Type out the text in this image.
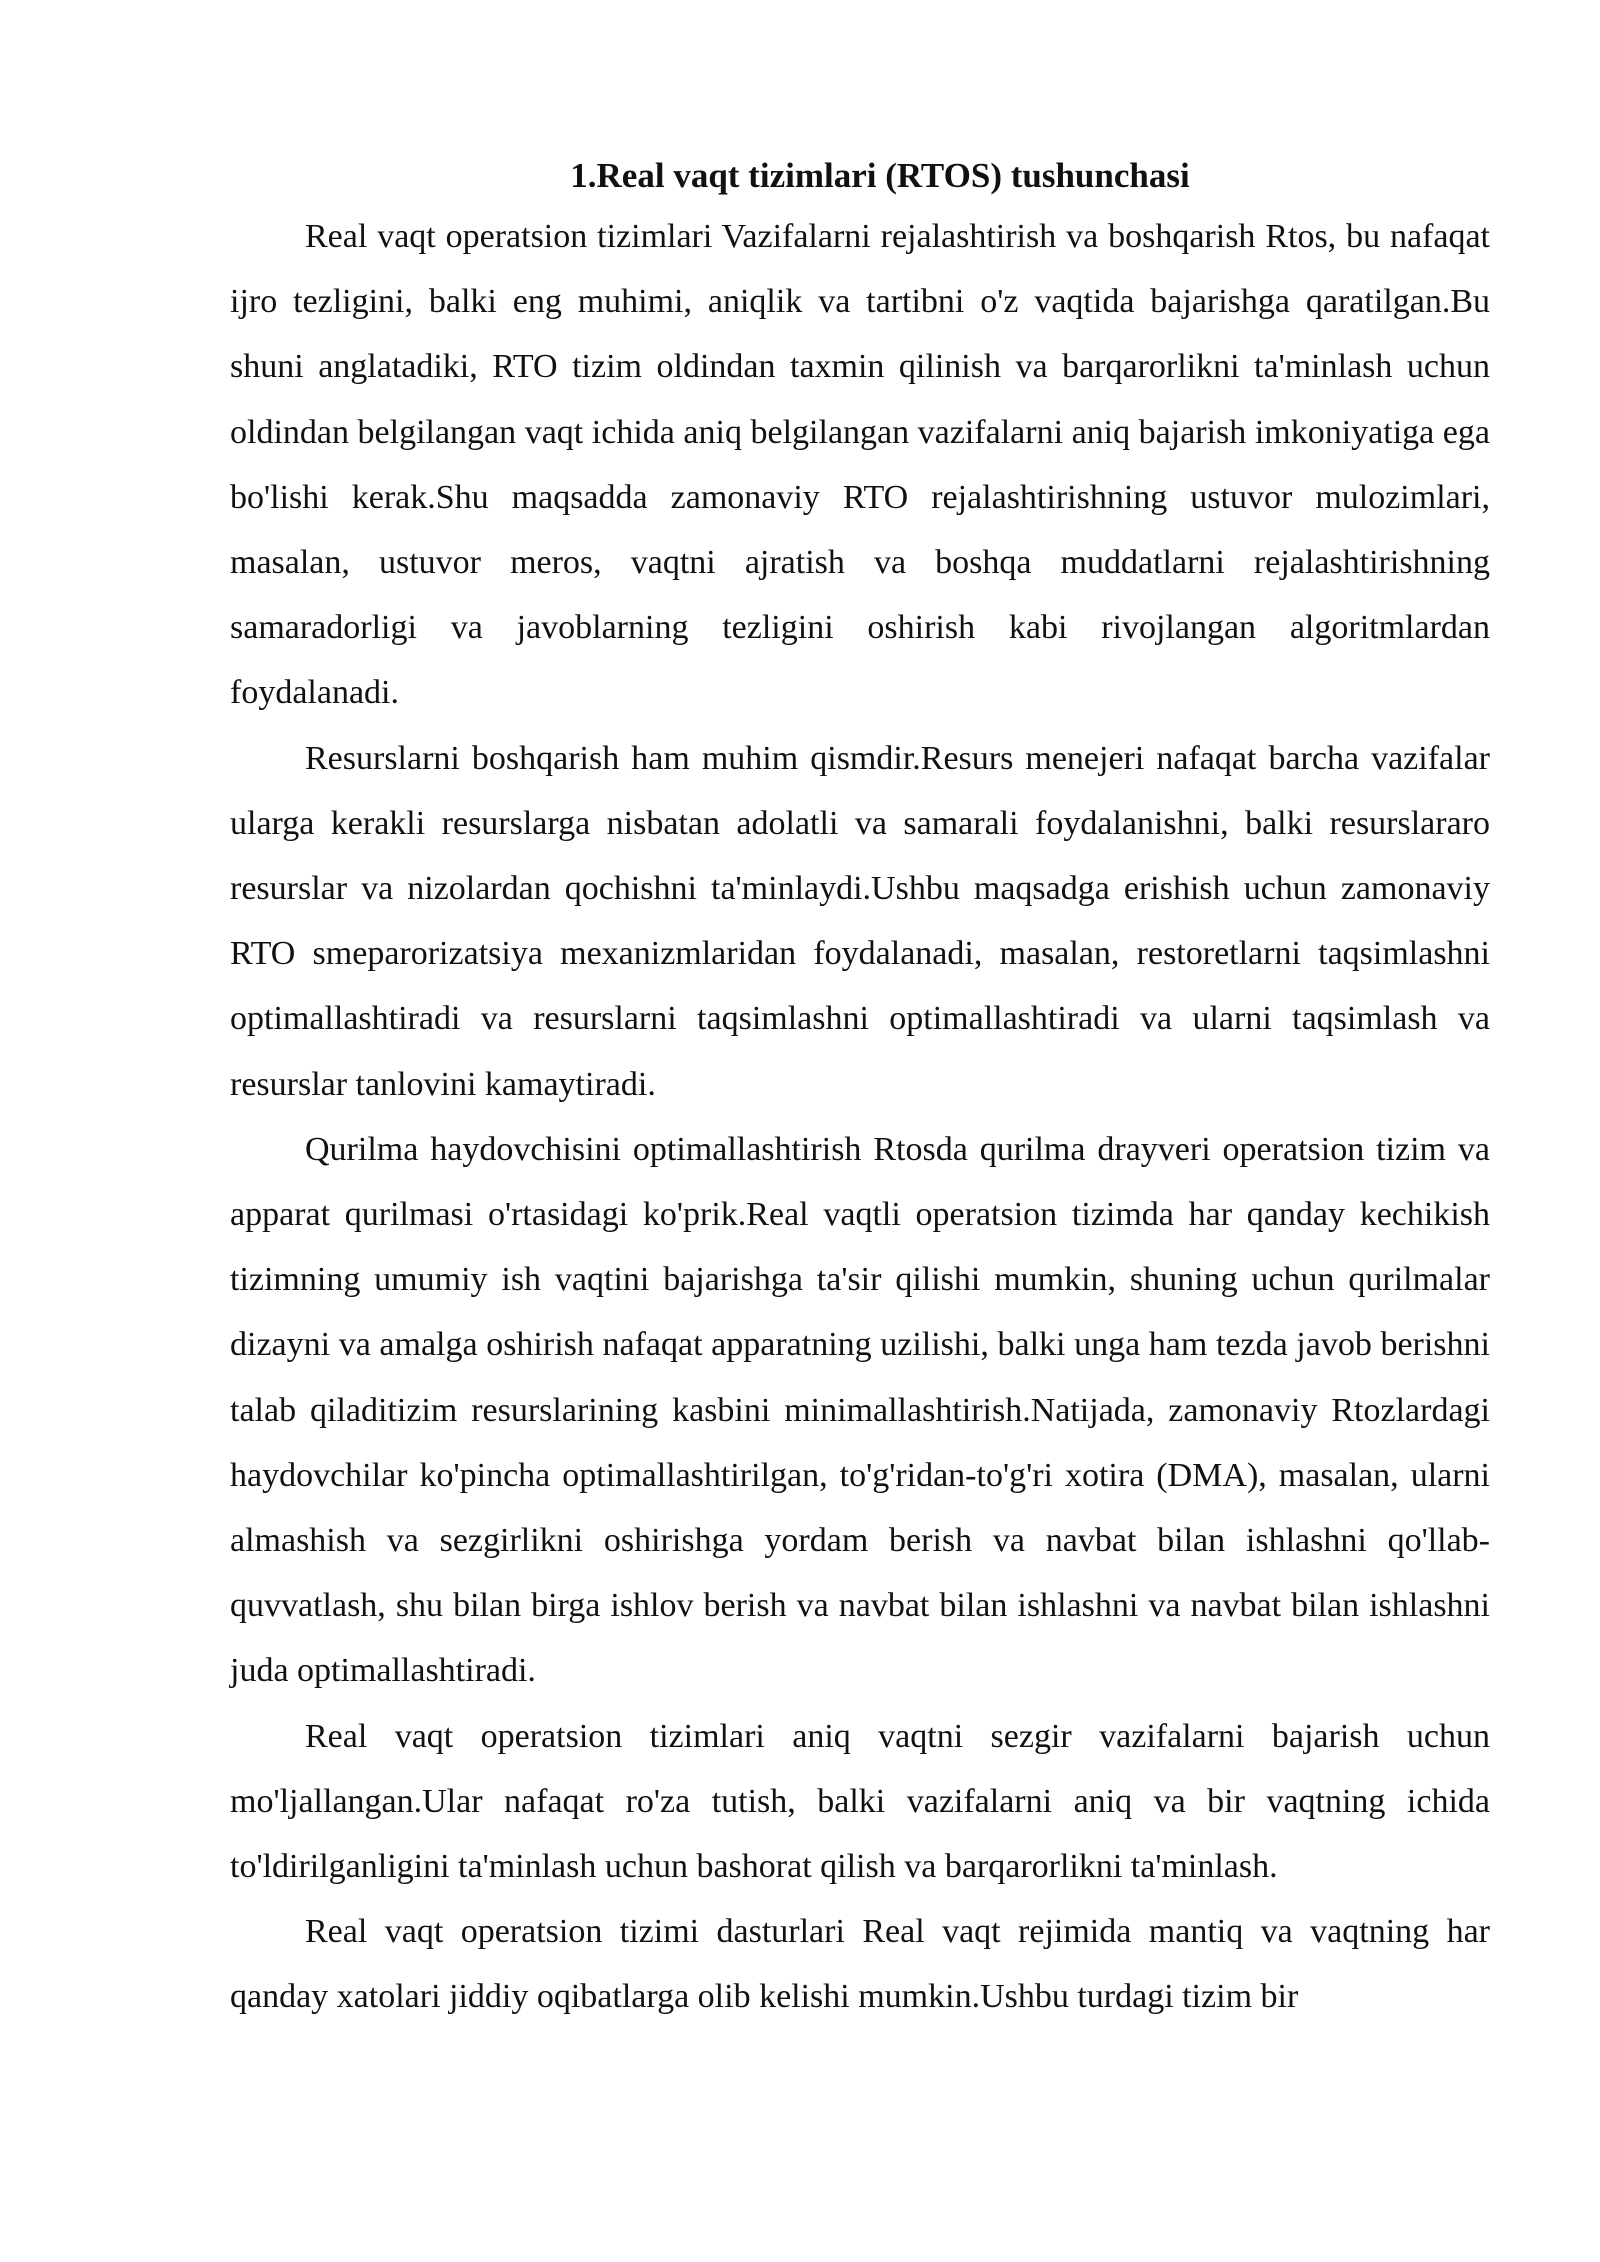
1.Real vaqt tizimlari (RTOS) tushunchasi

Real vaqt operatsion tizimlari Vazifalarni rejalashtirish va boshqarish Rtos, bu nafaqat ijro tezligini, balki eng muhimi, aniqlik va tartibni o'z vaqtida bajarishga qaratilgan.Bu shuni anglatadiki, RTO tizim oldindan taxmin qilinish va barqarorlikni ta'minlash uchun oldindan belgilangan vaqt ichida aniq belgilangan vazifalarni aniq bajarish imkoniyatiga ega bo'lishi kerak.Shu maqsadda zamonaviy RTO rejalashtirishning ustuvor mulozimlari, masalan, ustuvor meros, vaqtni ajratish va boshqa muddatlarni rejalashtirishning samaradorligi va javoblarning tezligini oshirish kabi rivojlangan algoritmlardan foydalanadi.

Resurslarni boshqarish ham muhim qismdir.Resurs menejeri nafaqat barcha vazifalar ularga kerakli resurslarga nisbatan adolatli va samarali foydalanishni, balki resurslararo resurslar va nizolardan qochishni ta'minlaydi.Ushbu maqsadga erishish uchun zamonaviy RTO smeparorizatsiya mexanizmlaridan foydalanadi, masalan, restoretlarni taqsimlashni optimallashtiradi va resurslarni taqsimlashni optimallashtiradi va ularni taqsimlash va resurslar tanlovini kamaytiradi.

Qurilma haydovchisini optimallashtirish Rtosda qurilma drayveri operatsion tizim va apparat qurilmasi o'rtasidagi ko'prik.Real vaqtli operatsion tizimda har qanday kechikish tizimning umumiy ish vaqtini bajarishga ta'sir qilishi mumkin, shuning uchun qurilmalar dizayni va amalga oshirish nafaqat apparatning uzilishi, balki unga ham tezda javob berishni talab qiladitizim resurslarining kasbini minimallashtirish.Natijada, zamonaviy Rtozlardagi haydovchilar ko'pincha optimallashtirilgan, to'g'ridan-to'g'ri xotira (DMA), masalan, ularni almashish va sezgirlikni oshirishga yordam berish va navbat bilan ishlashni qo'llab-quvvatlash, shu bilan birga ishlov berish va navbat bilan ishlashni va navbat bilan ishlashni juda optimallashtiradi.

Real vaqt operatsion tizimlari aniq vaqtni sezgir vazifalarni bajarish uchun mo'ljallangan.Ular nafaqat ro'za tutish, balki vazifalarni aniq va bir vaqtning ichida to'ldirilganligini ta'minlash uchun bashorat qilish va barqarorlikni ta'minlash.

Real vaqt operatsion tizimi dasturlari Real vaqt rejimida mantiq va vaqtning har qanday xatolari jiddiy oqibatlarga olib kelishi mumkin.Ushbu turdagi tizim bir
